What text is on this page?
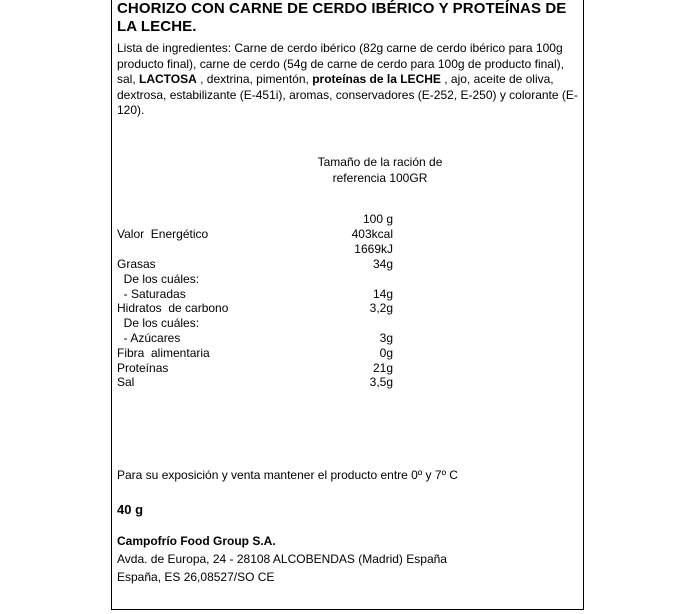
CHORIZO CON CARNE DE CERDO IBÉRICO Y PROTEÍNAS DE LA LECHE.
Lista de ingredientes: Carne de cerdo ibérico (82g carne de cerdo ibérico para 100g producto final), carne de cerdo (54g de carne de cerdo para 100g de producto final), sal, LACTOSA , dextrina, pimentón, proteínas de la LECHE , ajo, aceite de oliva, dextrosa, estabilizante (E-451i), aromas, conservadores (E-252, E-250) y colorante (E-120).
Tamaño de la ración de
referencia 100GR
100 g
Valor  Energético	403kcal
1669kJ
Grasas	34g
De los cuáles:
- Saturadas	14g
Hidratos  de carbono	3,2g
De los cuáles:
- Azúcares	3g
Fibra  alimentaria	0g
Proteínas	21g
Sal	3,5g
Para su exposición y venta mantener el producto entre 0º y 7º C
40 g
Campofrío Food Group S.A.
Avda. de Europa, 24 - 28108 ALCOBENDAS (Madrid) España
España, ES 26,08527/SO CE
